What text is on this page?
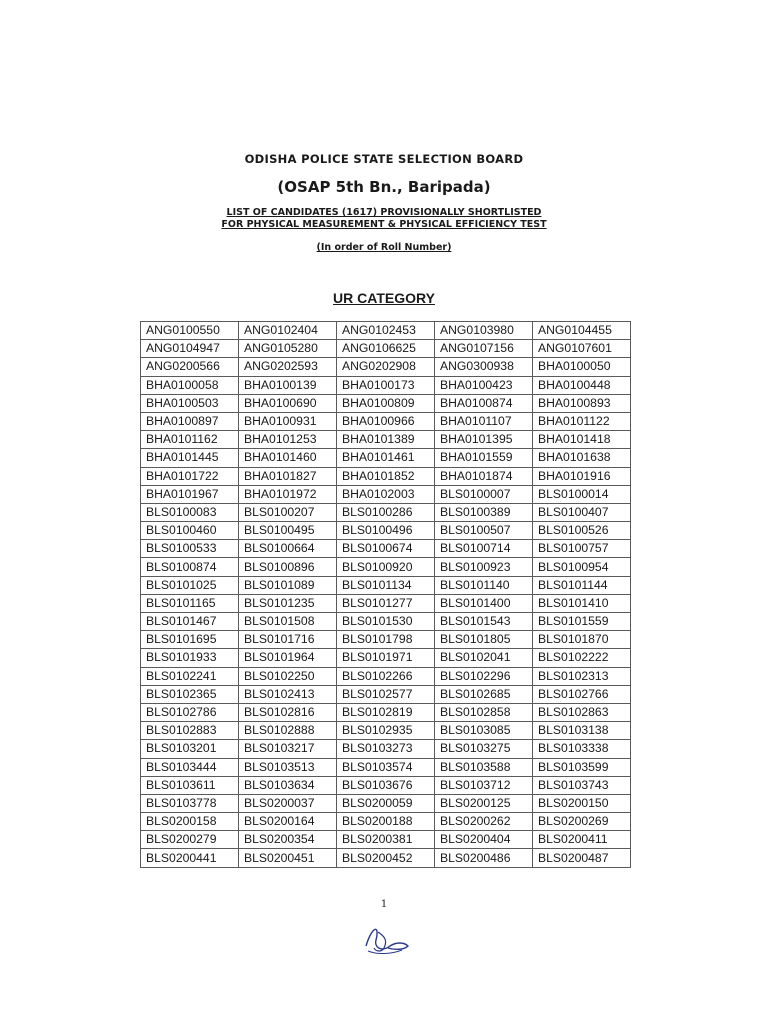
ODISHA POLICE STATE SELECTION BOARD
(OSAP 5th Bn., Baripada)
LIST OF CANDIDATES (1617) PROVISIONALLY SHORTLISTED
FOR PHYSICAL MEASUREMENT & PHYSICAL EFFICIENCY TEST
(In order of Roll Number)
UR CATEGORY
ANG0100550	ANG0102404	ANG0102453	ANG0103980	ANG0104455
ANG0104947	ANG0105280	ANG0106625	ANG0107156	ANG0107601
ANG0200566	ANG0202593	ANG0202908	ANG0300938	BHA0100050
BHA0100058	BHA0100139	BHA0100173	BHA0100423	BHA0100448
BHA0100503	BHA0100690	BHA0100809	BHA0100874	BHA0100893
BHA0100897	BHA0100931	BHA0100966	BHA0101107	BHA0101122
BHA0101162	BHA0101253	BHA0101389	BHA0101395	BHA0101418
BHA0101445	BHA0101460	BHA0101461	BHA0101559	BHA0101638
BHA0101722	BHA0101827	BHA0101852	BHA0101874	BHA0101916
BHA0101967	BHA0101972	BHA0102003	BLS0100007	BLS0100014
BLS0100083	BLS0100207	BLS0100286	BLS0100389	BLS0100407
BLS0100460	BLS0100495	BLS0100496	BLS0100507	BLS0100526
BLS0100533	BLS0100664	BLS0100674	BLS0100714	BLS0100757
BLS0100874	BLS0100896	BLS0100920	BLS0100923	BLS0100954
BLS0101025	BLS0101089	BLS0101134	BLS0101140	BLS0101144
BLS0101165	BLS0101235	BLS0101277	BLS0101400	BLS0101410
BLS0101467	BLS0101508	BLS0101530	BLS0101543	BLS0101559
BLS0101695	BLS0101716	BLS0101798	BLS0101805	BLS0101870
BLS0101933	BLS0101964	BLS0101971	BLS0102041	BLS0102222
BLS0102241	BLS0102250	BLS0102266	BLS0102296	BLS0102313
BLS0102365	BLS0102413	BLS0102577	BLS0102685	BLS0102766
BLS0102786	BLS0102816	BLS0102819	BLS0102858	BLS0102863
BLS0102883	BLS0102888	BLS0102935	BLS0103085	BLS0103138
BLS0103201	BLS0103217	BLS0103273	BLS0103275	BLS0103338
BLS0103444	BLS0103513	BLS0103574	BLS0103588	BLS0103599
BLS0103611	BLS0103634	BLS0103676	BLS0103712	BLS0103743
BLS0103778	BLS0200037	BLS0200059	BLS0200125	BLS0200150
BLS0200158	BLS0200164	BLS0200188	BLS0200262	BLS0200269
BLS0200279	BLS0200354	BLS0200381	BLS0200404	BLS0200411
BLS0200441	BLS0200451	BLS0200452	BLS0200486	BLS0200487
1
